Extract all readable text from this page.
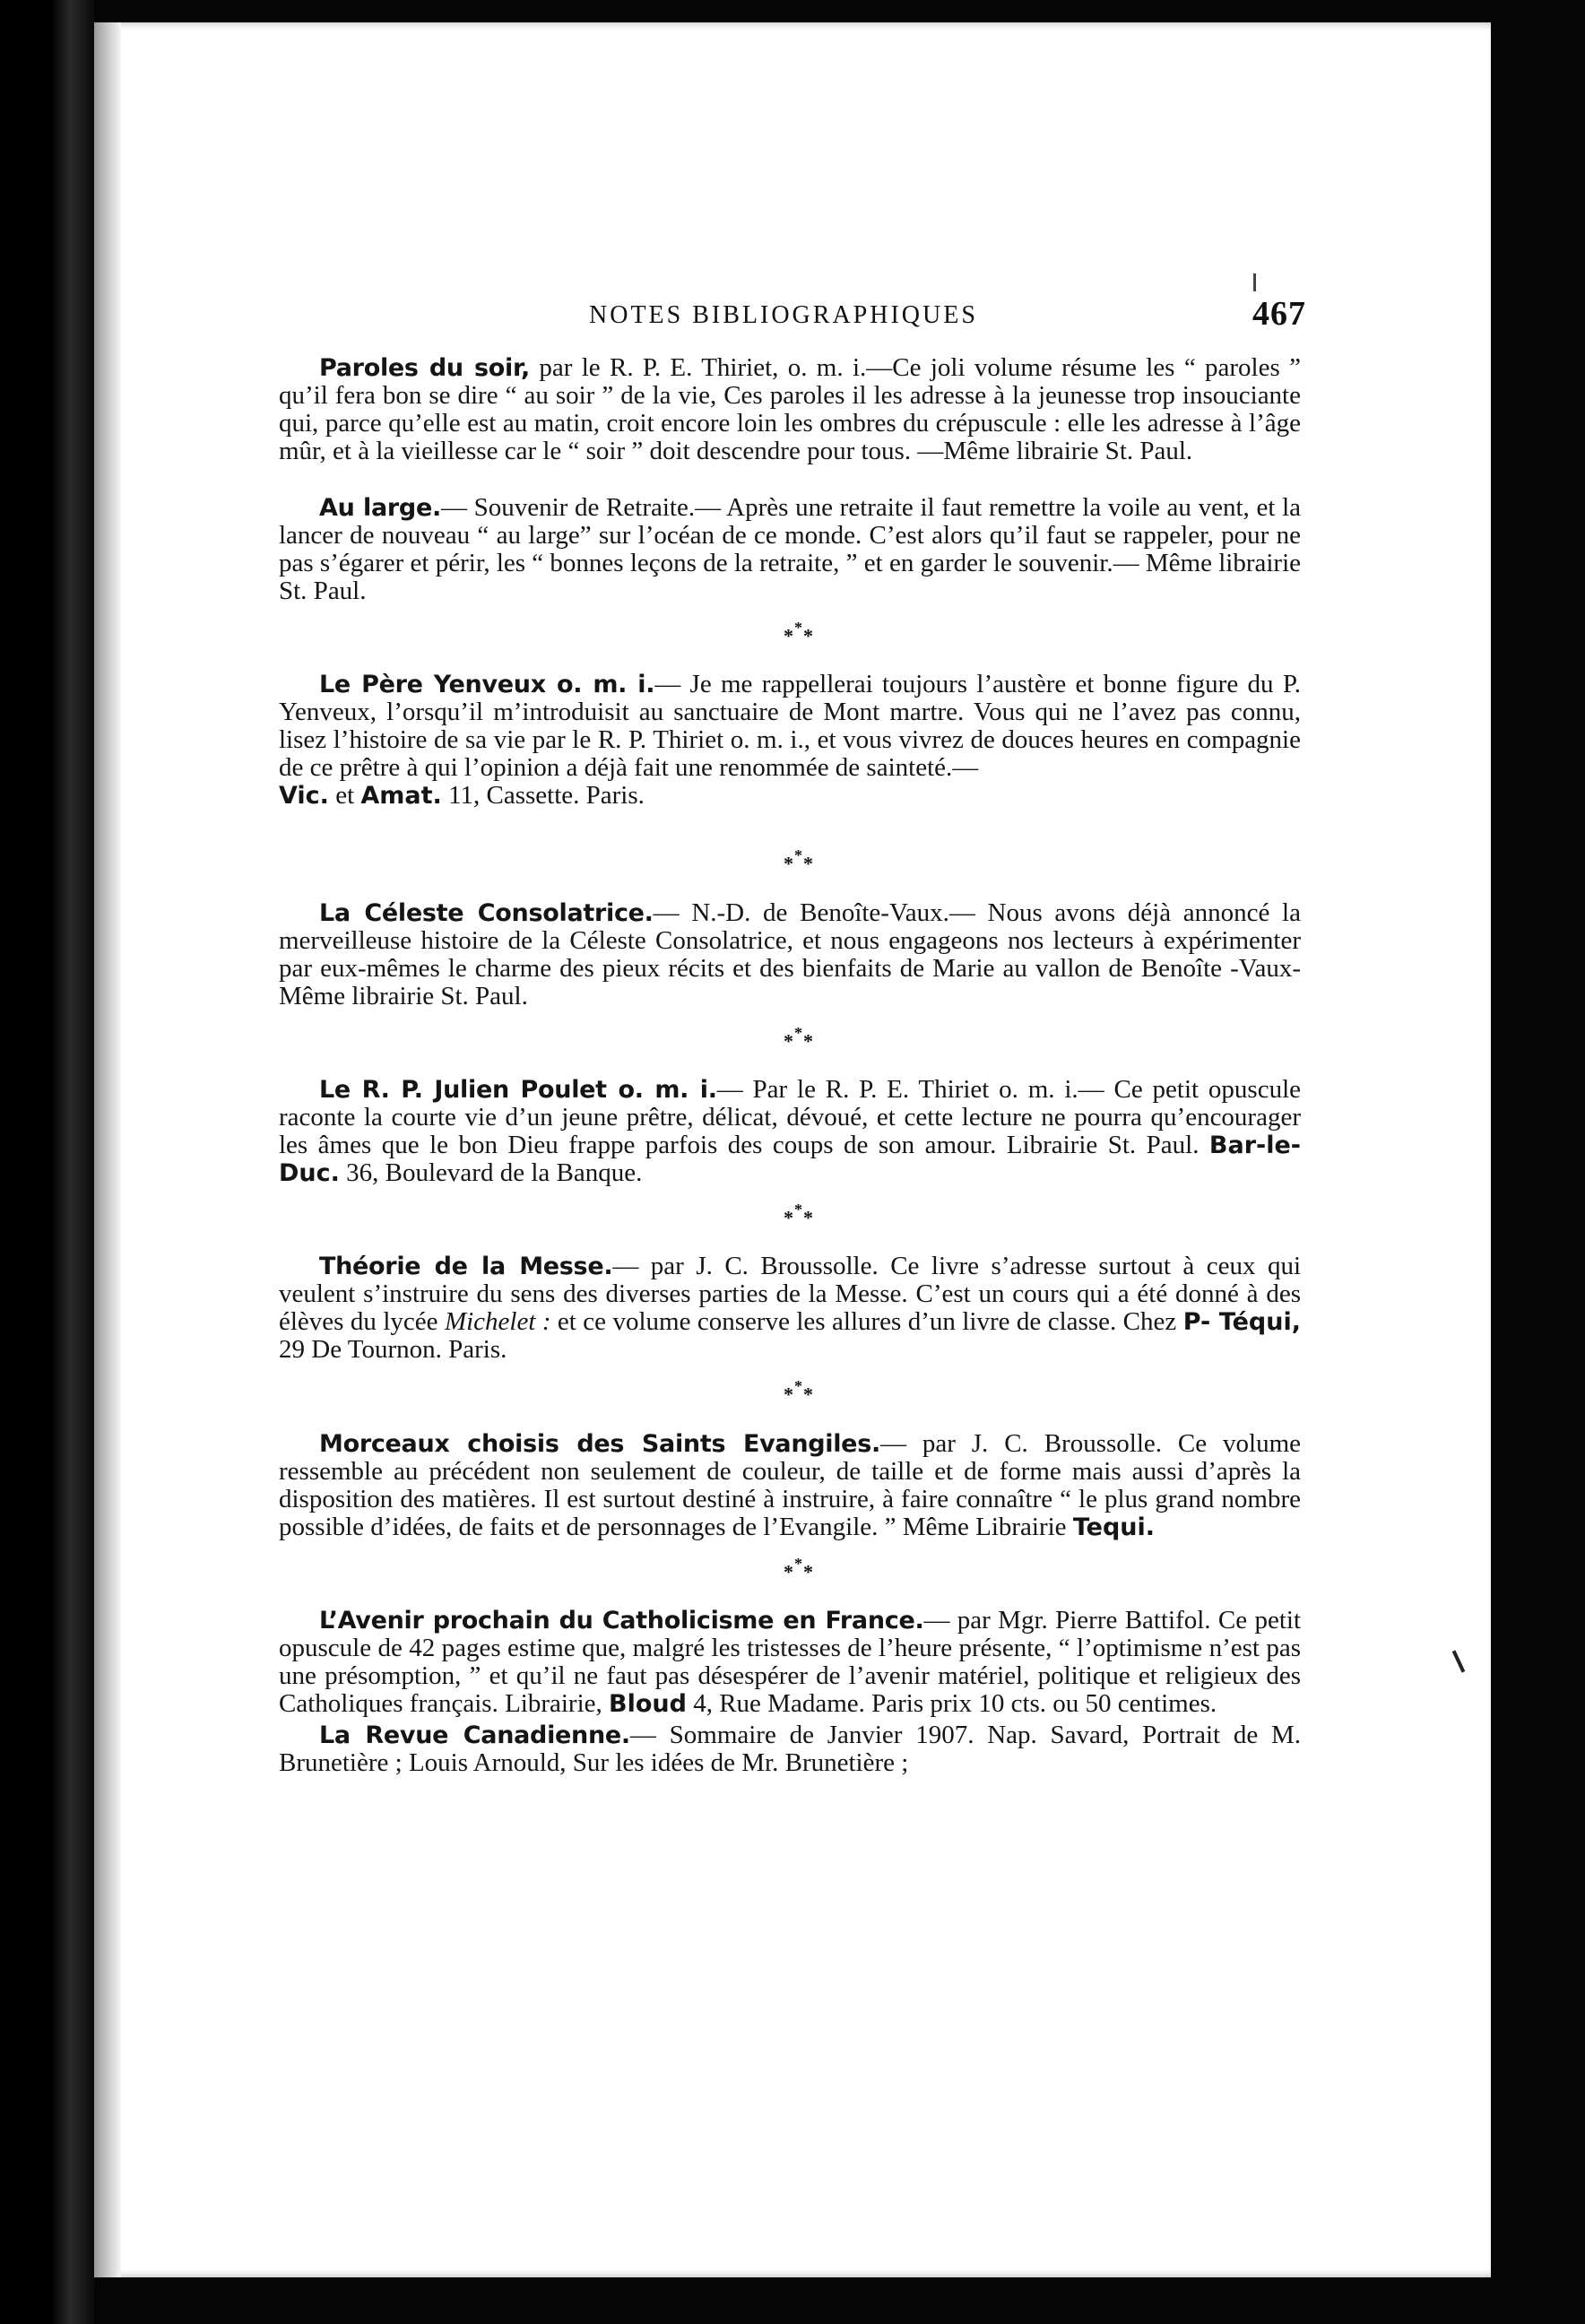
NOTES BIBLIOGRAPHIQUES	467

Paroles du soir, par le R. P. E. Thiriet, o. m. i.—Ce joli volume résume les “ paroles ” qu’il fera bon se dire “ au soir ” de la vie, Ces paroles il les adresse à la jeunesse trop insouciante qui, parce qu’elle est au matin, croit encore loin les ombres du crépuscule : elle les adresse à l’âge mûr, et à la vieillesse car le “ soir ” doit descendre pour tous. —Même librairie St. Paul.

Au large.— Souvenir de Retraite.— Après une retraite il faut remettre la voile au vent, et la lancer de nouveau “ au large” sur l’océan de ce monde. C’est alors qu’il faut se rappeler, pour ne pas s’égarer et périr, les “ bonnes leçons de la retraite, ” et en garder le souvenir.— Même librairie St. Paul.

***

Le Père Yenveux o. m. i.— Je me rappellerai toujours l’austère et bonne figure du P. Yenveux, l’orsqu’il m’introduisit au sanctuaire de Mont martre. Vous qui ne l’avez pas connu, lisez l’histoire de sa vie par le R. P. Thiriet o. m. i., et vous vivrez de douces heures en compagnie de ce prêtre à qui l’opinion a déjà fait une renommée de sainteté.—
Vic. et Amat. 11, Cassette. Paris.

***

La Céleste Consolatrice.— N.-D. de Benoîte-Vaux.— Nous avons déjà annoncé la merveilleuse histoire de la Céleste Consolatrice, et nous engageons nos lecteurs à expérimenter par eux-mêmes le charme des pieux récits et des bienfaits de Marie au vallon de Benoîte -Vaux- Même librairie St. Paul.

***

Le R. P. Julien Poulet o. m. i.— Par le R. P. E. Thiriet o. m. i.— Ce petit opuscule raconte la courte vie d’un jeune prêtre, délicat, dévoué, et cette lecture ne pourra qu’encourager les âmes que le bon Dieu frappe parfois des coups de son amour. Librairie St. Paul. Bar-le-Duc. 36, Boulevard de la Banque.

***

Théorie de la Messe.— par J. C. Broussolle. Ce livre s’adresse surtout à ceux qui veulent s’instruire du sens des diverses parties de la Messe. C’est un cours qui a été donné à des élèves du lycée Michelet : et ce volume conserve les allures d’un livre de classe. Chez P- Téqui, 29 De Tournon. Paris.

***

Morceaux choisis des Saints Evangiles.— par J. C. Broussolle. Ce volume ressemble au précédent non seulement de couleur, de taille et de forme mais aussi d’après la disposition des matières. Il est surtout destiné à instruire, à faire connaître “ le plus grand nombre possible d’idées, de faits et de personnages de l’Evangile. ” Même Librairie Tequi.

***

L’Avenir prochain du Catholicisme en France.— par Mgr. Pierre Battifol. Ce petit opuscule de 42 pages estime que, malgré les tristesses de l’heure présente, “ l’optimisme n’est pas une présomption, ” et qu’il ne faut pas désespérer de l’avenir matériel, politique et religieux des Catholiques français. Librairie, Bloud 4, Rue Madame. Paris prix 10 cts. ou 50 centimes.

La Revue Canadienne.— Sommaire de Janvier 1907. Nap. Savard, Portrait de M. Brunetière ; Louis Arnould, Sur les idées de Mr. Brunetière ;
